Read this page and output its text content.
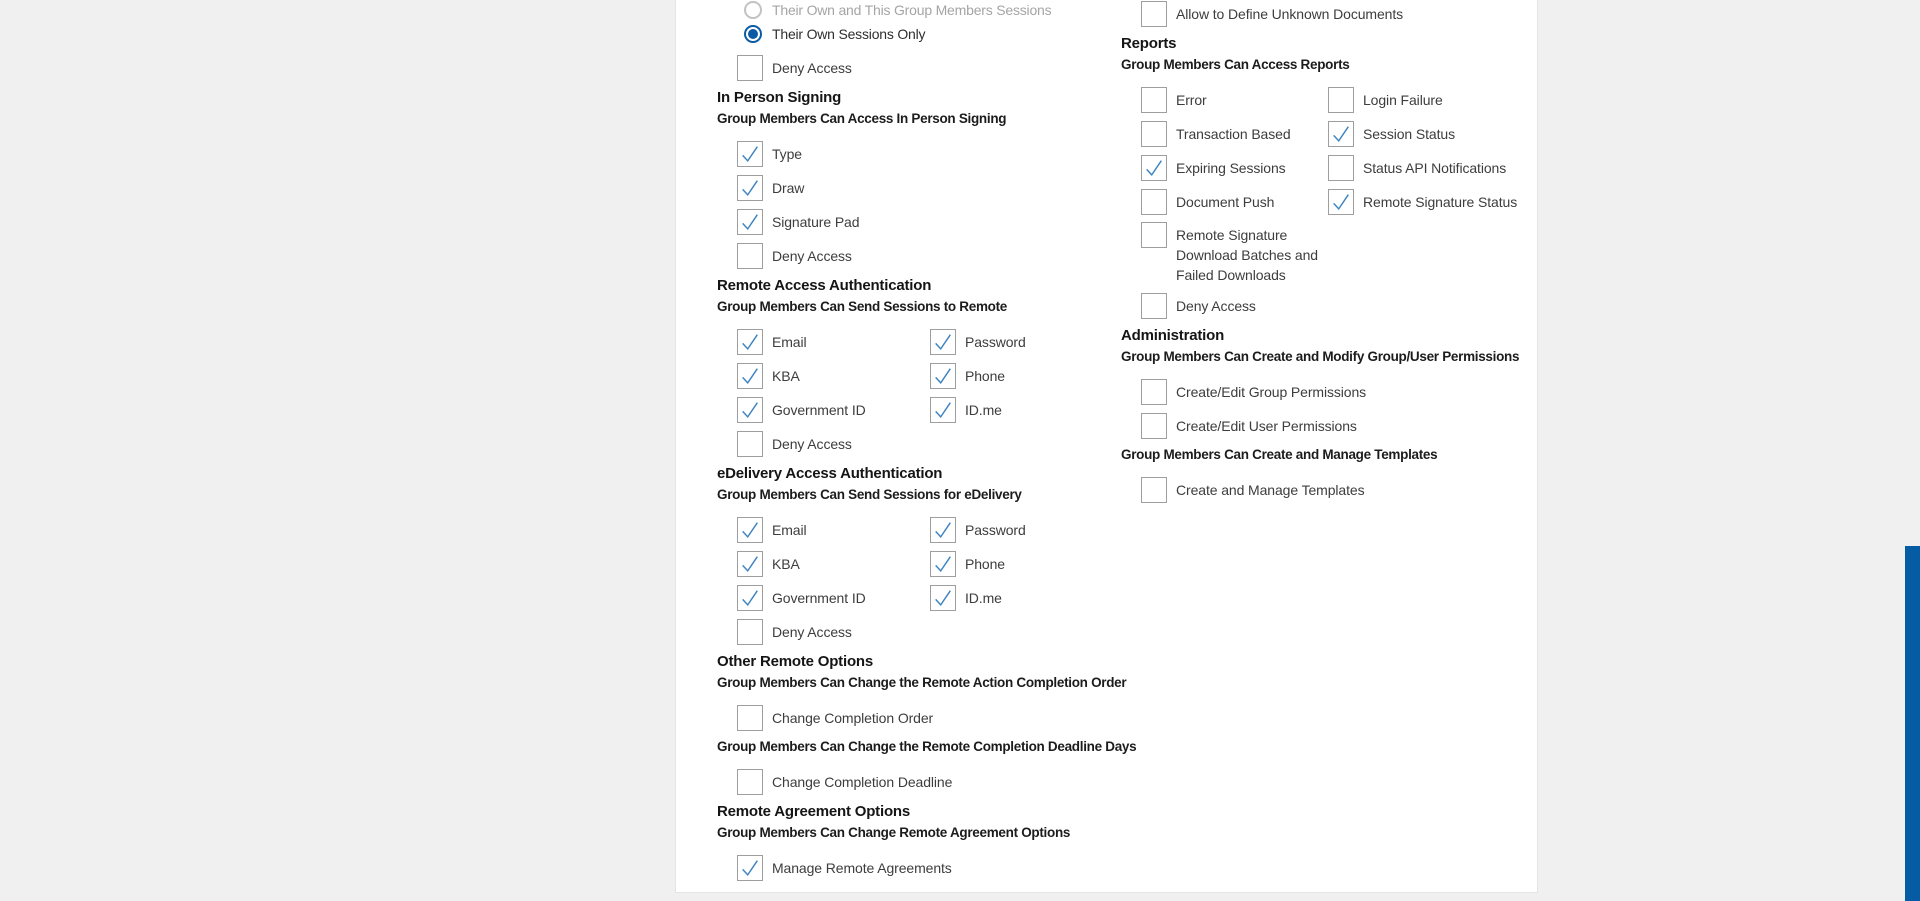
Their Own and This Group Members Sessions
Their Own Sessions Only
Deny Access
In Person Signing
Group Members Can Access In Person Signing
Type
Draw
Signature Pad
Deny Access
Remote Access Authentication
Group Members Can Send Sessions to Remote
Email	Password
KBA	Phone
Government ID	ID.me
Deny Access
eDelivery Access Authentication
Group Members Can Send Sessions for eDelivery
Email	Password
KBA	Phone
Government ID	ID.me
Deny Access
Other Remote Options
Group Members Can Change the Remote Action Completion Order
Change Completion Order
Group Members Can Change the Remote Completion Deadline Days
Change Completion Deadline
Remote Agreement Options
Group Members Can Change Remote Agreement Options
Manage Remote Agreements
Allow to Define Unknown Documents
Reports
Group Members Can Access Reports
Error	Login Failure
Transaction Based	Session Status
Expiring Sessions	Status API Notifications
Document Push	Remote Signature Status
Remote Signature Download Batches and Failed Downloads
Deny Access
Administration
Group Members Can Create and Modify Group/User Permissions
Create/Edit Group Permissions
Create/Edit User Permissions
Group Members Can Create and Manage Templates
Create and Manage Templates
